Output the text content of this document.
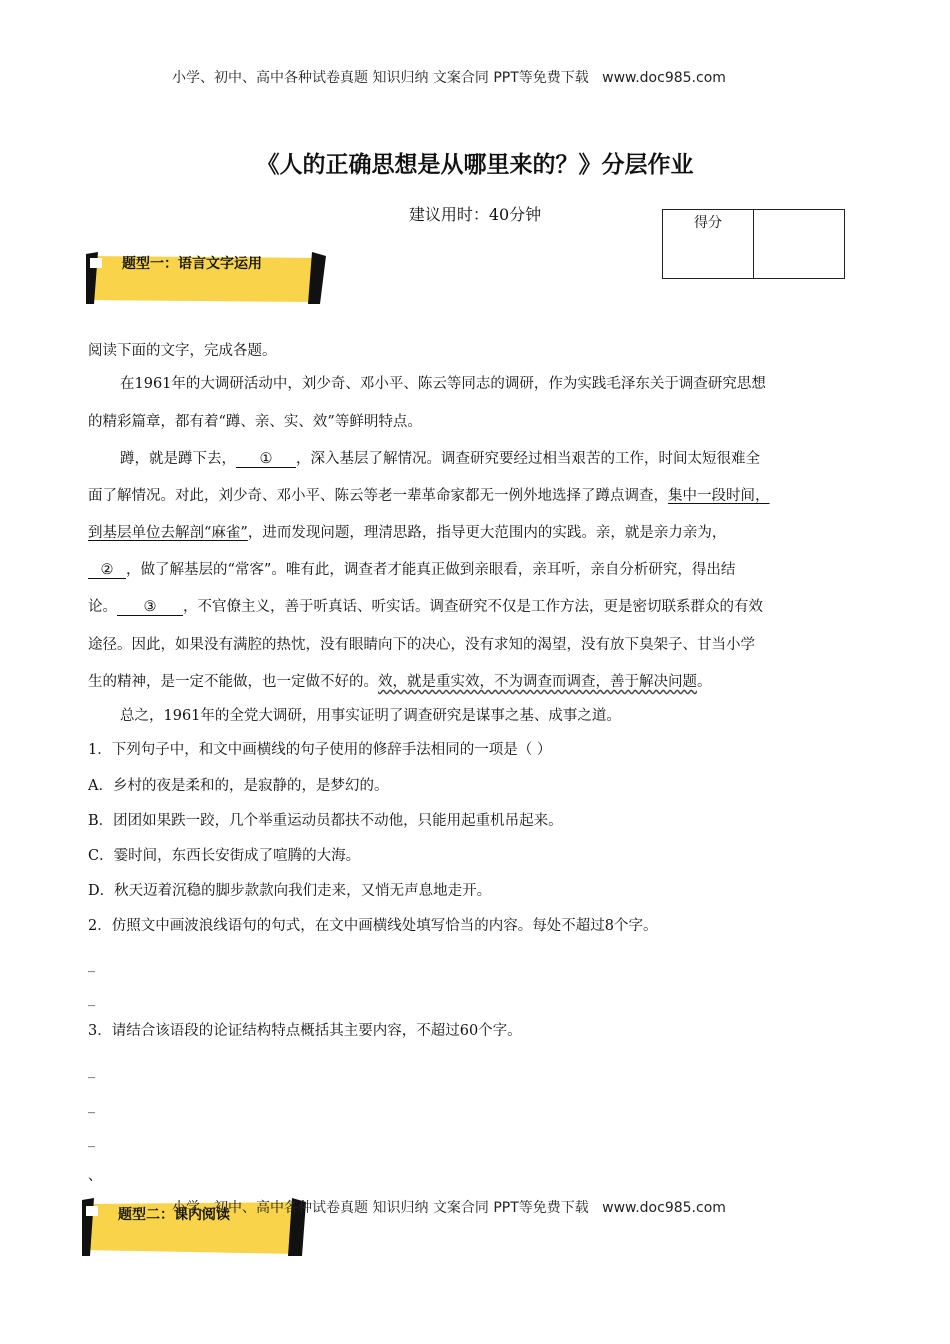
小学、初中、高中各种试卷真题 知识归纳 文案合同 PPT等免费下载 www.doc985.com
《人的正确思想是从哪里来的？》分层作业
建议用时：40分钟	得分	
题型一：语言文字运用
阅读下面的文字，完成各题。
在1961年的大调研活动中，刘少奇、邓小平、陈云等同志的调研，作为实践毛泽东关于调查研究思想
的精彩篇章，都有着“蹲、亲、实、效”等鲜明特点。
蹲，就是蹲下去， ① ，深入基层了解情况。调查研究要经过相当艰苦的工作，时间太短很难全
面了解情况。对此，刘少奇、邓小平、陈云等老一辈革命家都无一例外地选择了蹲点调查，集中一段时间，
到基层单位去解剖“麻雀”，进而发现问题，理清思路，指导更大范围内的实践。亲，就是亲力亲为，
② ，做了解基层的“常客”。唯有此，调查者才能真正做到亲眼看，亲耳听，亲自分析研究，得出结
论。 ③ ，不官僚主义，善于听真话、听实话。调查研究不仅是工作方法，更是密切联系群众的有效
途径。因此，如果没有满腔的热忱，没有眼睛向下的决心，没有求知的渴望，没有放下臭架子、甘当小学
生的精神，是一定不能做，也一定做不好的。效，就是重实效，不为调查而调查，善于解决问题。
总之，1961年的全党大调研，用事实证明了调查研究是谋事之基、成事之道。
1．下列句子中，和文中画横线的句子使用的修辞手法相同的一项是（ ）
A．乡村的夜是柔和的，是寂静的，是梦幻的。
B．团团如果跌一跤，几个举重运动员都扶不动他，只能用起重机吊起来。
C．霎时间，东西长安街成了喧腾的大海。
D．秋天迈着沉稳的脚步款款向我们走来，又悄无声息地走开。
2．仿照文中画波浪线语句的句式，在文中画横线处填写恰当的内容。每处不超过8个字。
_
_
3．请结合该语段的论证结构特点概括其主要内容，不超过60个字。
_
_
_
、
题型二：课内阅读
小学、初中、高中各种试卷真题 知识归纳 文案合同 PPT等免费下载 www.doc985.com
